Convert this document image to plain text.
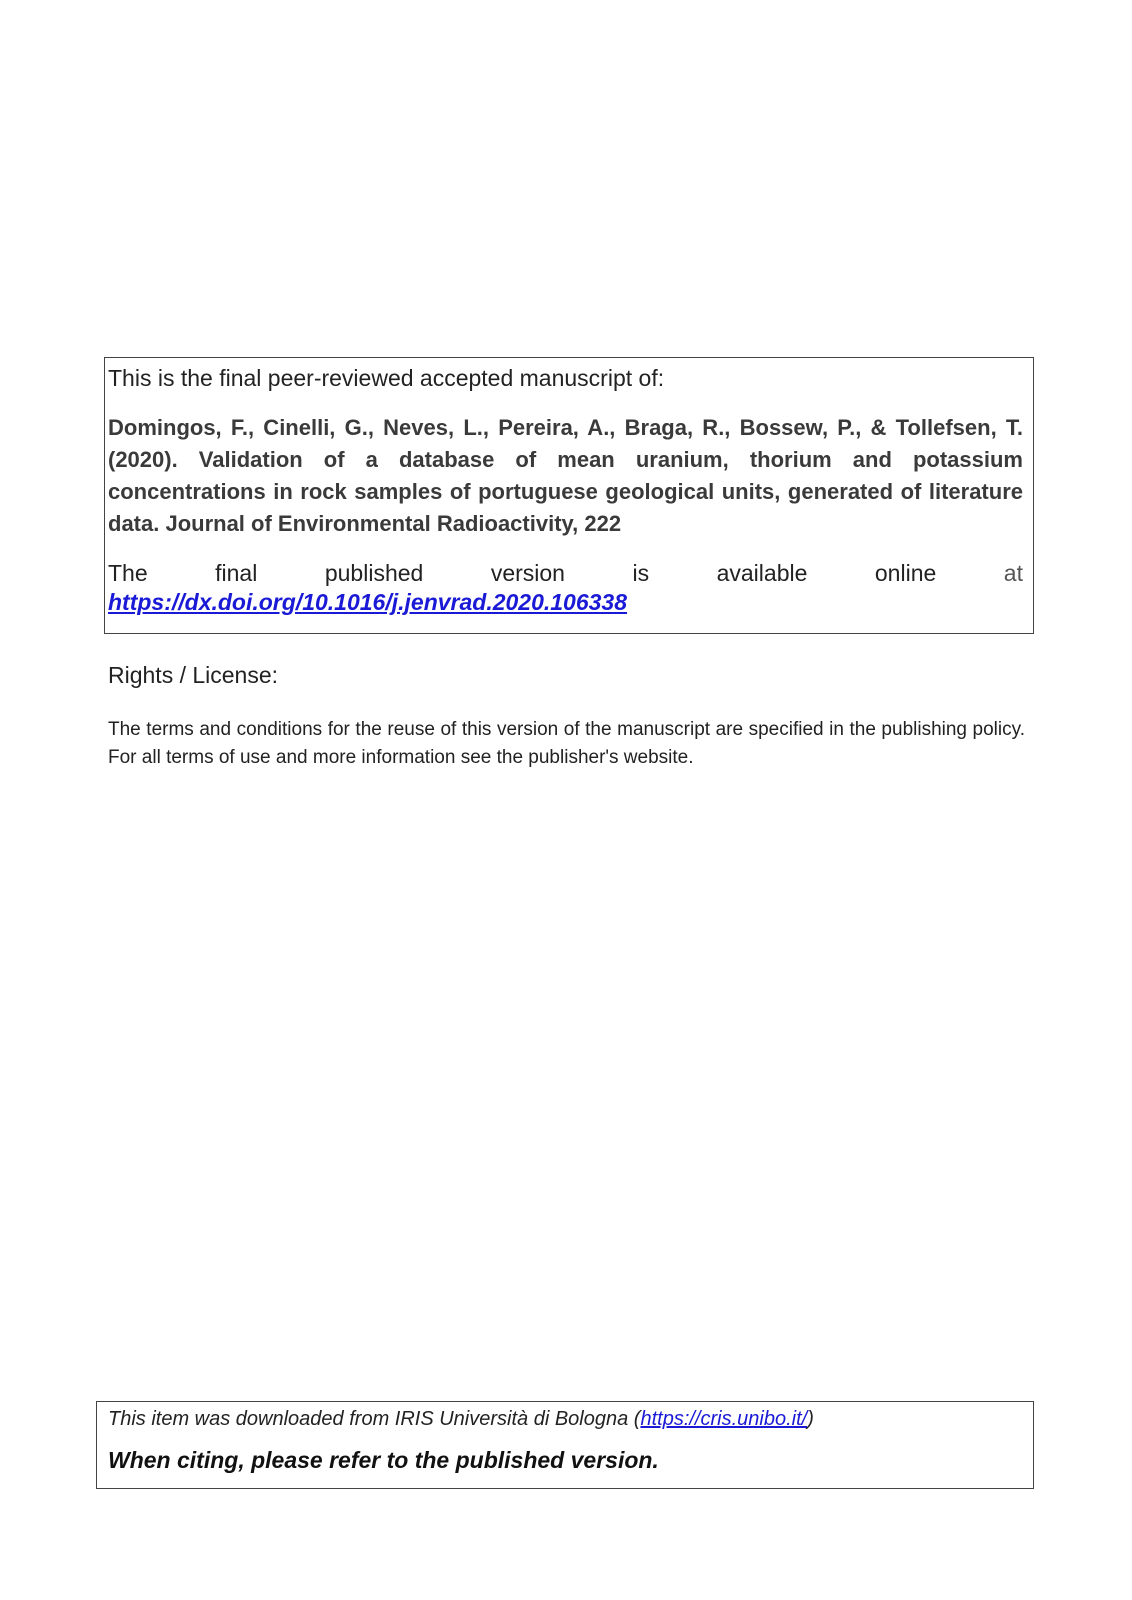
This is the final peer-reviewed accepted manuscript of:

Domingos, F., Cinelli, G., Neves, L., Pereira, A., Braga, R., Bossew, P., & Tollefsen, T. (2020). Validation of a database of mean uranium, thorium and potassium concentrations in rock samples of portuguese geological units, generated of literature data. Journal of Environmental Radioactivity, 222

The	final	published	version	is	available	online	at
https://dx.doi.org/10.1016/j.jenvrad.2020.106338

Rights / License:

The terms and conditions for the reuse of this version of the manuscript are specified in the publishing policy. For all terms of use and more information see the publisher's website.

This item was downloaded from IRIS Università di Bologna (https://cris.unibo.it/)

When citing, please refer to the published version.
